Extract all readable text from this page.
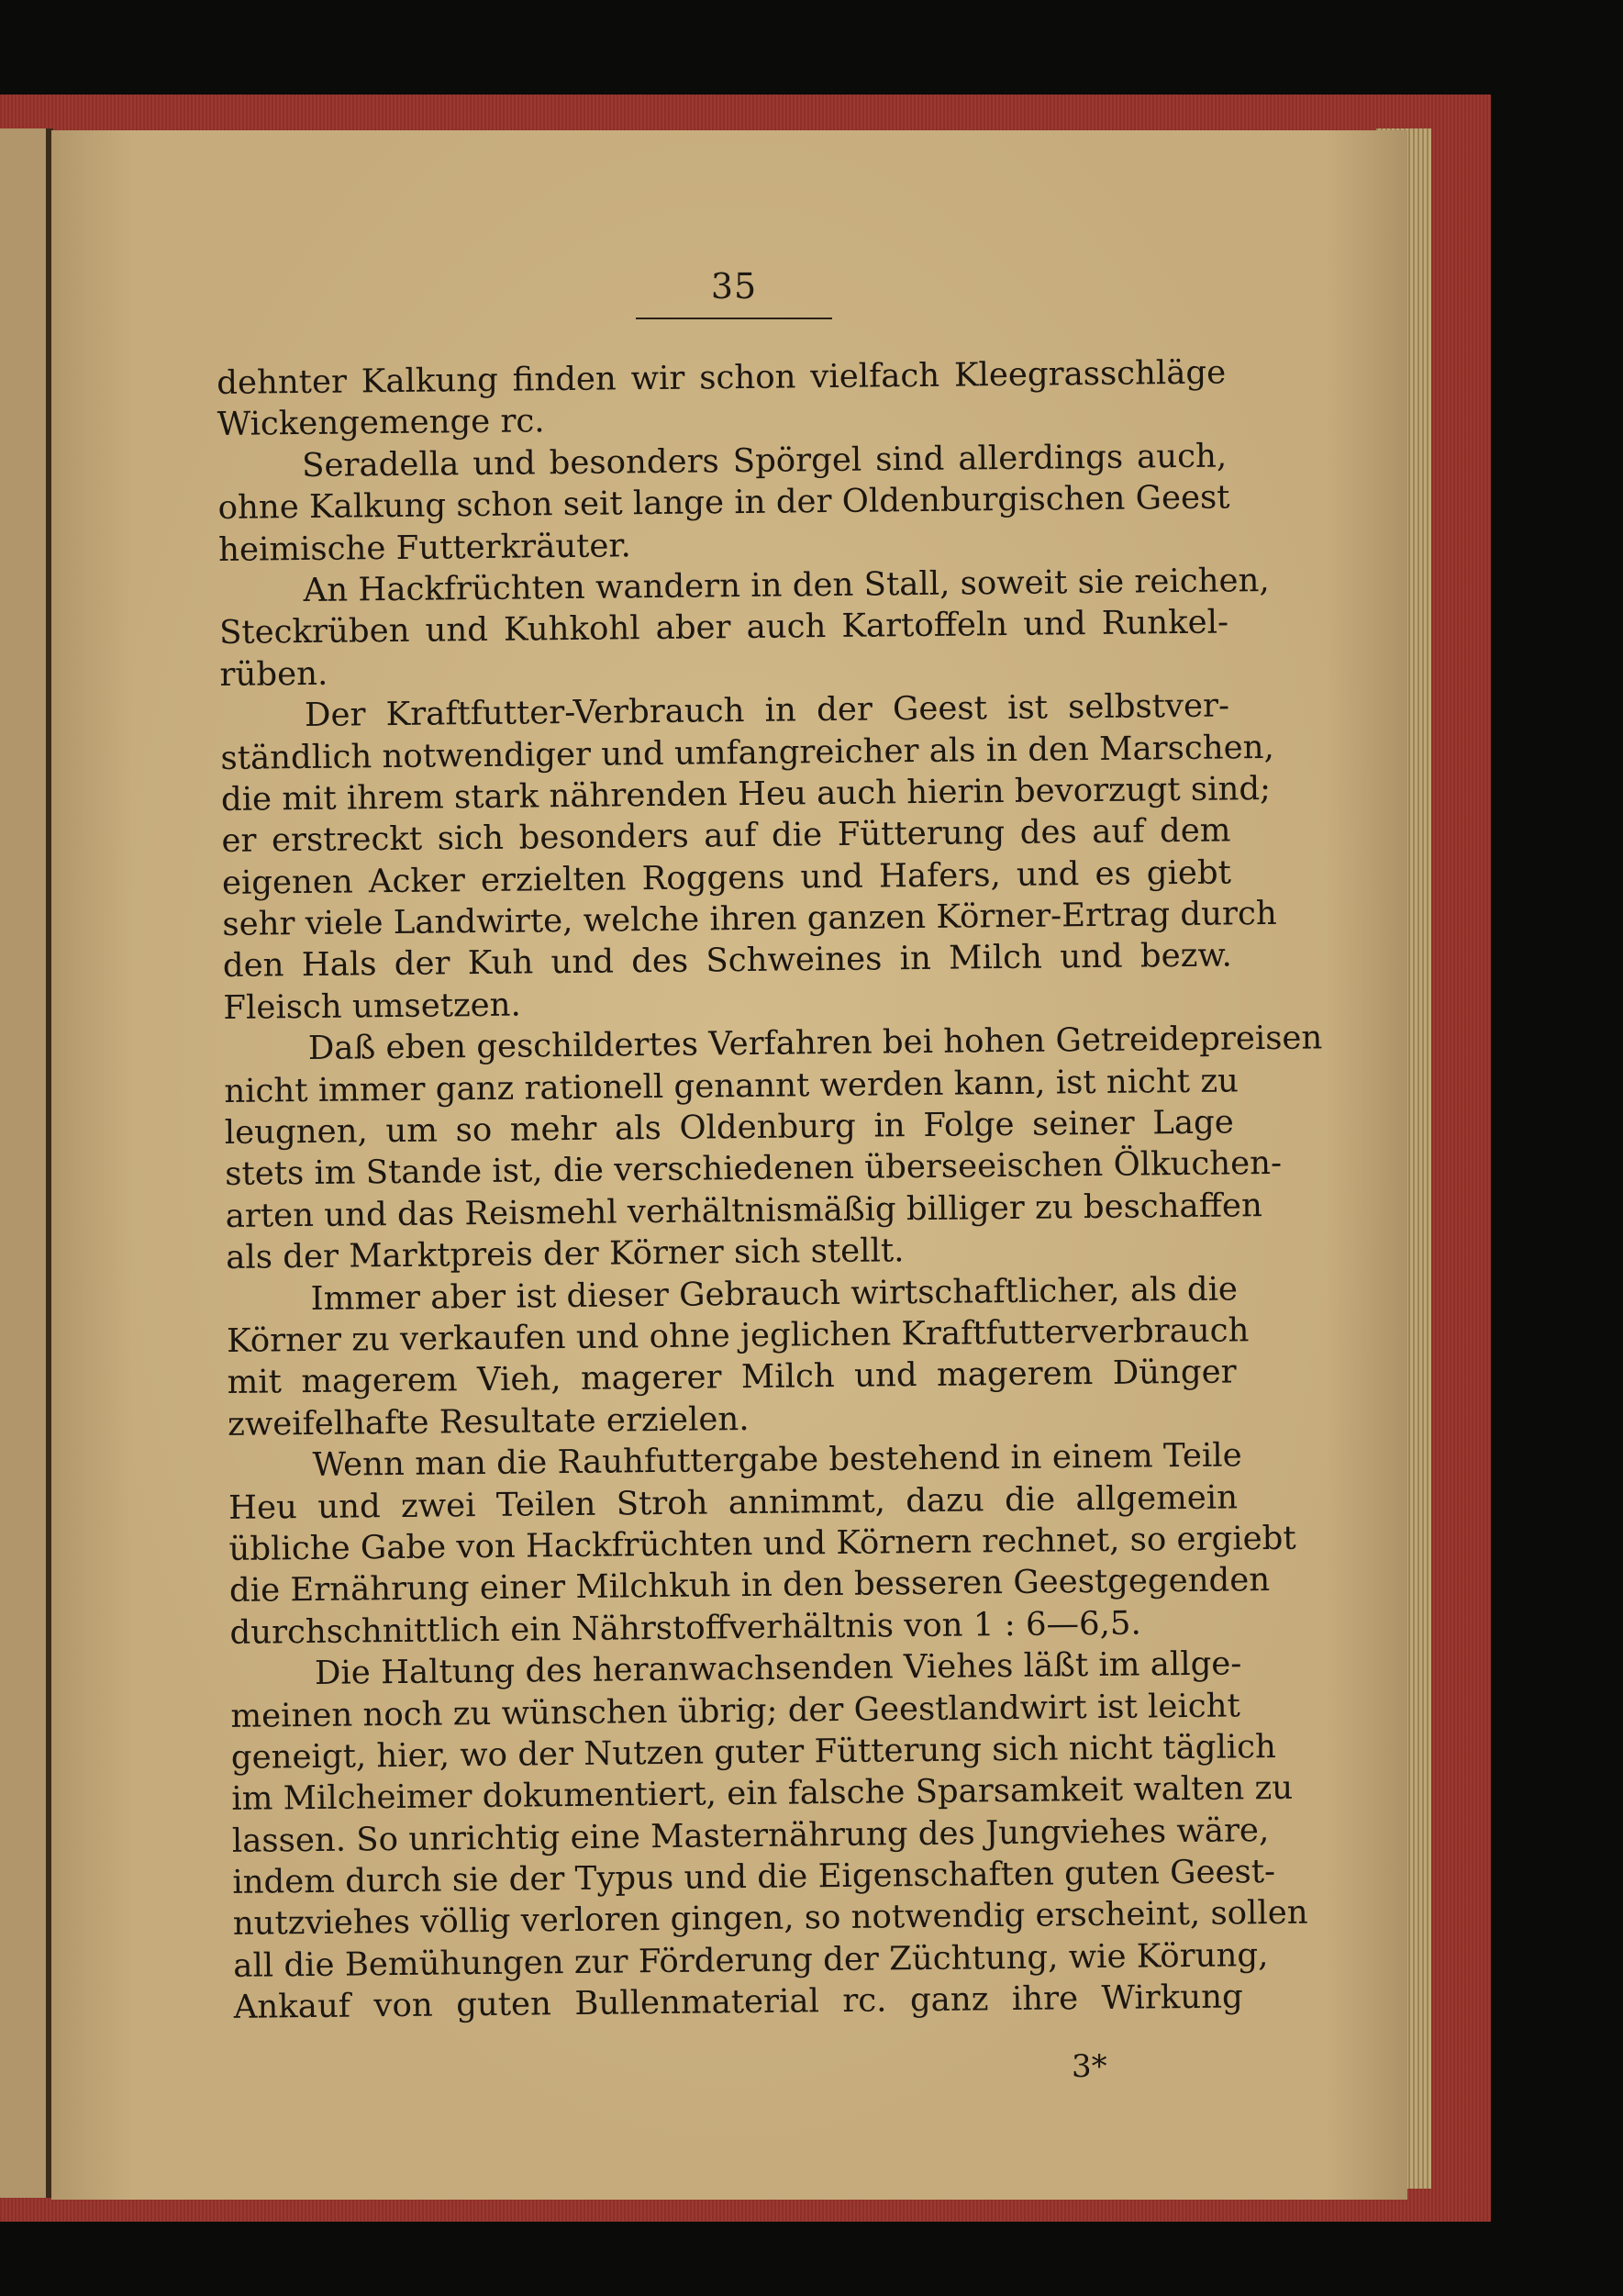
35
dehnter Kalkung finden wir schon vielfach Kleegrasschläge
Wickengemenge rc.
Seradella und besonders Spörgel sind allerdings auch,
ohne Kalkung schon seit lange in der Oldenburgischen Geest
heimische Futterkräuter.
An Hackfrüchten wandern in den Stall, soweit sie reichen,
Steckrüben und Kuhkohl aber auch Kartoffeln und Runkel-
rüben.
Der Kraftfutter-Verbrauch in der Geest ist selbstver-
ständlich notwendiger und umfangreicher als in den Marschen,
die mit ihrem stark nährenden Heu auch hierin bevorzugt sind;
er erstreckt sich besonders auf die Fütterung des auf dem
eigenen Acker erzielten Roggens und Hafers, und es giebt
sehr viele Landwirte, welche ihren ganzen Körner-Ertrag durch
den Hals der Kuh und des Schweines in Milch und bezw.
Fleisch umsetzen.
Daß eben geschildertes Verfahren bei hohen Getreidepreisen
nicht immer ganz rationell genannt werden kann, ist nicht zu
leugnen, um so mehr als Oldenburg in Folge seiner Lage
stets im Stande ist, die verschiedenen überseeischen Ölkuchen-
arten und das Reismehl verhältnismäßig billiger zu beschaffen
als der Marktpreis der Körner sich stellt.
Immer aber ist dieser Gebrauch wirtschaftlicher, als die
Körner zu verkaufen und ohne jeglichen Kraftfutterverbrauch
mit magerem Vieh, magerer Milch und magerem Dünger
zweifelhafte Resultate erzielen.
Wenn man die Rauhfuttergabe bestehend in einem Teile
Heu und zwei Teilen Stroh annimmt, dazu die allgemein
übliche Gabe von Hackfrüchten und Körnern rechnet, so ergiebt
die Ernährung einer Milchkuh in den besseren Geestgegenden
durchschnittlich ein Nährstoffverhältnis von 1 : 6—6,5.
Die Haltung des heranwachsenden Viehes läßt im allge-
meinen noch zu wünschen übrig; der Geestlandwirt ist leicht
geneigt, hier, wo der Nutzen guter Fütterung sich nicht täglich
im Milcheimer dokumentiert, ein falsche Sparsamkeit walten zu
lassen. So unrichtig eine Masternährung des Jungviehes wäre,
indem durch sie der Typus und die Eigenschaften guten Geest-
nutzviehes völlig verloren gingen, so notwendig erscheint, sollen
all die Bemühungen zur Förderung der Züchtung, wie Körung,
Ankauf von guten Bullenmaterial rc. ganz ihre Wirkung
3*
